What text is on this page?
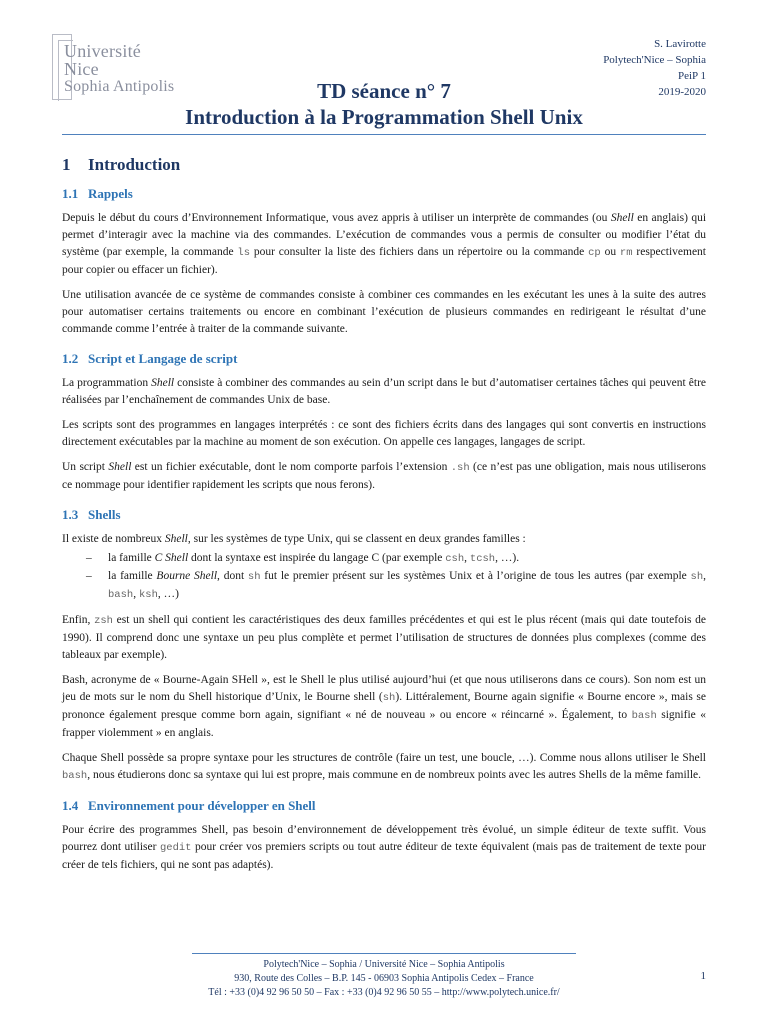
Université
Nice
Sophia Antipolis
S. Lavirotte
Polytech'Nice – Sophia
PeiP 1
2019-2020
TD séance n° 7
Introduction à la Programmation Shell Unix
1 Introduction
1.1 Rappels

Depuis le début du cours d’Environnement Informatique, vous avez appris à utiliser un interprète de commandes (ou Shell en anglais) qui permet d’interagir avec la machine via des commandes. L’exécution de commandes vous a permis de consulter ou modifier l’état du système (par exemple, la commande ls pour consulter la liste des fichiers dans un répertoire ou la commande cp ou rm respectivement pour copier ou effacer un fichier).

Une utilisation avancée de ce système de commandes consiste à combiner ces commandes en les exécutant les unes à la suite des autres pour automatiser certains traitements ou encore en combinant l’exécution de plusieurs commandes en redirigeant le résultat d’une commande comme l’entrée à traiter de la commande suivante.

1.2 Script et Langage de script

La programmation Shell consiste à combiner des commandes au sein d’un script dans le but d’automatiser certaines tâches qui peuvent être réalisées par l’enchaînement de commandes Unix de base.

Les scripts sont des programmes en langages interprétés : ce sont des fichiers écrits dans des langages qui sont convertis en instructions directement exécutables par la machine au moment de son exécution. On appelle ces langages, langages de script.

Un script Shell est un fichier exécutable, dont le nom comporte parfois l’extension .sh (ce n’est pas une obligation, mais nous utiliserons ce nommage pour identifier rapidement les scripts que nous ferons).

1.3 Shells

Il existe de nombreux Shell, sur les systèmes de type Unix, qui se classent en deux grandes familles :

– la famille C Shell dont la syntaxe est inspirée du langage C (par exemple csh, tcsh, …).
– la famille Bourne Shell, dont sh fut le premier présent sur les systèmes Unix et à l’origine de tous les autres (par exemple sh, bash, ksh, …)

Enfin, zsh est un shell qui contient les caractéristiques des deux familles précédentes et qui est le plus récent (mais qui date toutefois de 1990). Il comprend donc une syntaxe un peu plus complète et permet l’utilisation de structures de données plus complexes (comme des tableaux par exemple).

Bash, acronyme de « Bourne-Again SHell », est le Shell le plus utilisé aujourd’hui (et que nous utiliserons dans ce cours). Son nom est un jeu de mots sur le nom du Shell historique d’Unix, le Bourne shell (sh). Littéralement, Bourne again signifie « Bourne encore », mais se prononce également presque comme born again, signifiant « né de nouveau » ou encore « réincarné ». Également, to bash signifie « frapper violemment » en anglais.

Chaque Shell possède sa propre syntaxe pour les structures de contrôle (faire un test, une boucle, …). Comme nous allons utiliser le Shell bash, nous étudierons donc sa syntaxe qui lui est propre, mais commune en de nombreux points avec les autres Shells de la même famille.

1.4 Environnement pour développer en Shell

Pour écrire des programmes Shell, pas besoin d’environnement de développement très évolué, un simple éditeur de texte suffit. Vous pourrez dont utiliser gedit pour créer vos premiers scripts ou tout autre éditeur de texte équivalent (mais pas de traitement de texte pour créer de tels fichiers, qui ne sont pas adaptés).

Polytech'Nice – Sophia / Université Nice – Sophia Antipolis
930, Route des Colles – B.P. 145 - 06903 Sophia Antipolis Cedex – France
Tél : +33 (0)4 92 96 50 50 – Fax : +33 (0)4 92 96 50 55 – http://www.polytech.unice.fr/
1
